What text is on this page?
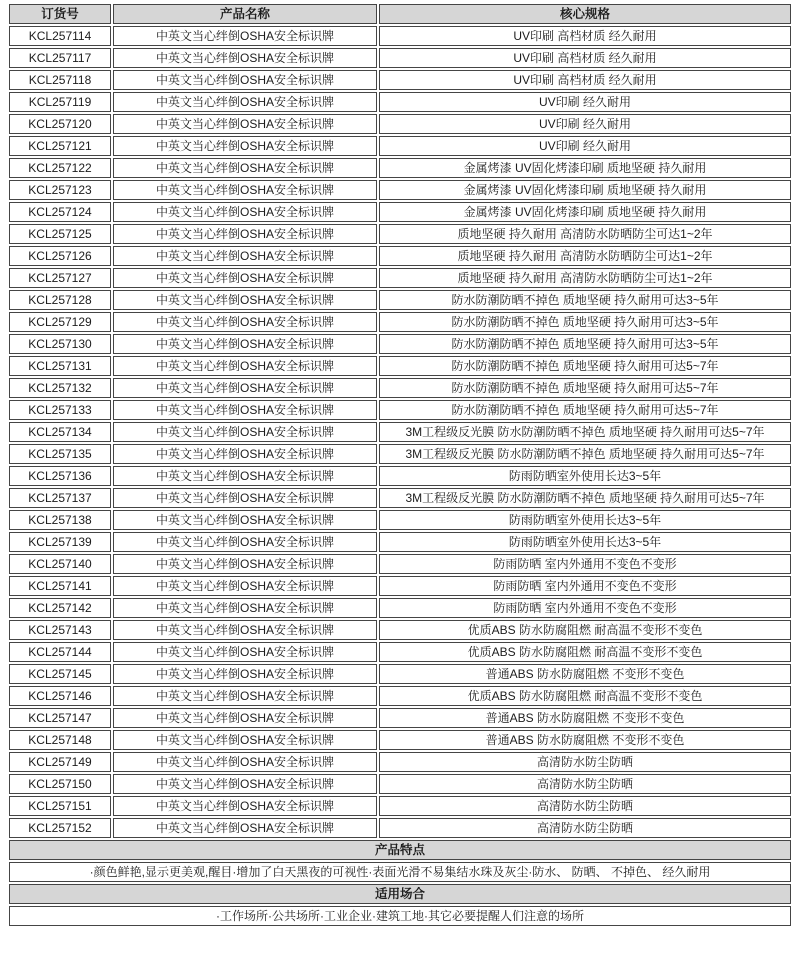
订货号	产品名称	核心规格
KCL257114	中英文当心绊倒OSHA安全标识牌	UV印刷 高档材质 经久耐用
KCL257117	中英文当心绊倒OSHA安全标识牌	UV印刷 高档材质 经久耐用
KCL257118	中英文当心绊倒OSHA安全标识牌	UV印刷 高档材质 经久耐用
KCL257119	中英文当心绊倒OSHA安全标识牌	UV印刷 经久耐用
KCL257120	中英文当心绊倒OSHA安全标识牌	UV印刷 经久耐用
KCL257121	中英文当心绊倒OSHA安全标识牌	UV印刷 经久耐用
KCL257122	中英文当心绊倒OSHA安全标识牌	金属烤漆 UV固化烤漆印刷 质地坚硬 持久耐用
KCL257123	中英文当心绊倒OSHA安全标识牌	金属烤漆 UV固化烤漆印刷 质地坚硬 持久耐用
KCL257124	中英文当心绊倒OSHA安全标识牌	金属烤漆 UV固化烤漆印刷 质地坚硬 持久耐用
KCL257125	中英文当心绊倒OSHA安全标识牌	质地坚硬 持久耐用 高清防水防晒防尘可达1~2年
KCL257126	中英文当心绊倒OSHA安全标识牌	质地坚硬 持久耐用 高清防水防晒防尘可达1~2年
KCL257127	中英文当心绊倒OSHA安全标识牌	质地坚硬 持久耐用 高清防水防晒防尘可达1~2年
KCL257128	中英文当心绊倒OSHA安全标识牌	防水防潮防晒不掉色 质地坚硬 持久耐用可达3~5年
KCL257129	中英文当心绊倒OSHA安全标识牌	防水防潮防晒不掉色 质地坚硬 持久耐用可达3~5年
KCL257130	中英文当心绊倒OSHA安全标识牌	防水防潮防晒不掉色 质地坚硬 持久耐用可达3~5年
KCL257131	中英文当心绊倒OSHA安全标识牌	防水防潮防晒不掉色 质地坚硬 持久耐用可达5~7年
KCL257132	中英文当心绊倒OSHA安全标识牌	防水防潮防晒不掉色 质地坚硬 持久耐用可达5~7年
KCL257133	中英文当心绊倒OSHA安全标识牌	防水防潮防晒不掉色 质地坚硬 持久耐用可达5~7年
KCL257134	中英文当心绊倒OSHA安全标识牌	3M工程级反光膜 防水防潮防晒不掉色 质地坚硬 持久耐用可达5~7年
KCL257135	中英文当心绊倒OSHA安全标识牌	3M工程级反光膜 防水防潮防晒不掉色 质地坚硬 持久耐用可达5~7年
KCL257136	中英文当心绊倒OSHA安全标识牌	防雨防晒室外使用长达3~5年
KCL257137	中英文当心绊倒OSHA安全标识牌	3M工程级反光膜 防水防潮防晒不掉色 质地坚硬 持久耐用可达5~7年
KCL257138	中英文当心绊倒OSHA安全标识牌	防雨防晒室外使用长达3~5年
KCL257139	中英文当心绊倒OSHA安全标识牌	防雨防晒室外使用长达3~5年
KCL257140	中英文当心绊倒OSHA安全标识牌	防雨防晒 室内外通用不变色不变形
KCL257141	中英文当心绊倒OSHA安全标识牌	防雨防晒 室内外通用不变色不变形
KCL257142	中英文当心绊倒OSHA安全标识牌	防雨防晒 室内外通用不变色不变形
KCL257143	中英文当心绊倒OSHA安全标识牌	优质ABS 防水防腐阻燃 耐高温不变形不变色
KCL257144	中英文当心绊倒OSHA安全标识牌	优质ABS 防水防腐阻燃 耐高温不变形不变色
KCL257145	中英文当心绊倒OSHA安全标识牌	普通ABS 防水防腐阻燃 不变形不变色
KCL257146	中英文当心绊倒OSHA安全标识牌	优质ABS 防水防腐阻燃 耐高温不变形不变色
KCL257147	中英文当心绊倒OSHA安全标识牌	普通ABS 防水防腐阻燃 不变形不变色
KCL257148	中英文当心绊倒OSHA安全标识牌	普通ABS 防水防腐阻燃 不变形不变色
KCL257149	中英文当心绊倒OSHA安全标识牌	高清防水防尘防晒
KCL257150	中英文当心绊倒OSHA安全标识牌	高清防水防尘防晒
KCL257151	中英文当心绊倒OSHA安全标识牌	高清防水防尘防晒
KCL257152	中英文当心绊倒OSHA安全标识牌	高清防水防尘防晒
产品特点		
·颜色鲜艳,显示更美观,醒目·增加了白天黑夜的可视性·表面光滑不易集结水珠及灰尘·防水、 防晒、 不掉色、 经久耐用		
适用场合		
·工作场所·公共场所·工业企业·建筑工地·其它必要提醒人们注意的场所		
